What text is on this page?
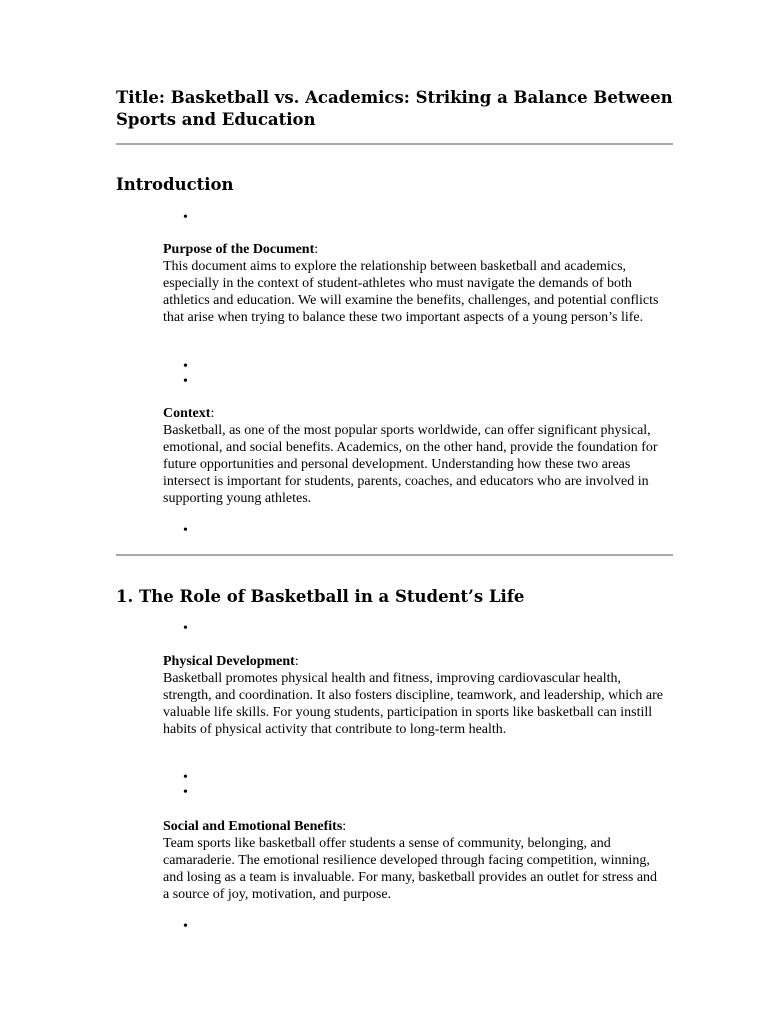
Title: Basketball vs. Academics: Striking a Balance Between Sports and Education
Introduction
•
Purpose of the Document:
This document aims to explore the relationship between basketball and academics, especially in the context of student-athletes who must navigate the demands of both athletics and education. We will examine the benefits, challenges, and potential conflicts that arise when trying to balance these two important aspects of a young person’s life.
•
•
Context:
Basketball, as one of the most popular sports worldwide, can offer significant physical, emotional, and social benefits. Academics, on the other hand, provide the foundation for future opportunities and personal development. Understanding how these two areas intersect is important for students, parents, coaches, and educators who are involved in supporting young athletes.
•
1. The Role of Basketball in a Student’s Life
•
Physical Development:
Basketball promotes physical health and fitness, improving cardiovascular health, strength, and coordination. It also fosters discipline, teamwork, and leadership, which are valuable life skills. For young students, participation in sports like basketball can instill habits of physical activity that contribute to long-term health.
•
•
Social and Emotional Benefits:
Team sports like basketball offer students a sense of community, belonging, and camaraderie. The emotional resilience developed through facing competition, winning, and losing as a team is invaluable. For many, basketball provides an outlet for stress and a source of joy, motivation, and purpose.
•
